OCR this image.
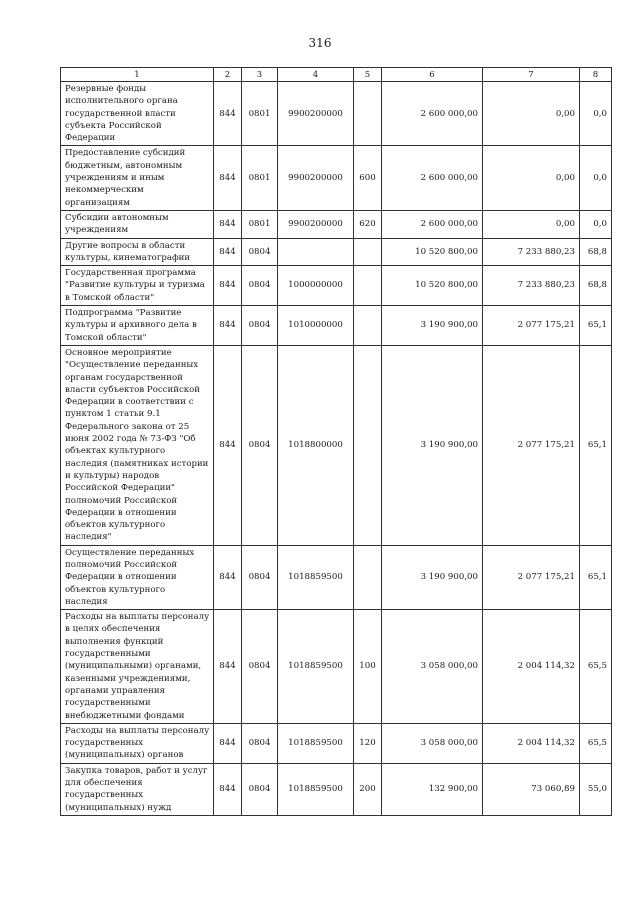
316
1	2	3	4	5	6	7	8
Резервные фонды исполнительного органа государственной власти субъекта Российской Федерации	844	0801	9900200000		2 600 000,00	0,00	0,0
Предоставление субсидий бюджетным, автономным учреждениям и иным некоммерческим организациям	844	0801	9900200000	600	2 600 000,00	0,00	0,0
Субсидии автономным учреждениям	844	0801	9900200000	620	2 600 000,00	0,00	0,0
Другие вопросы в области культуры, кинематографии	844	0804			10 520 800,00	7 233 880,23	68,8
Государственная программа "Развитие культуры и туризма в Томской области"	844	0804	1000000000		10 520 800,00	7 233 880,23	68,8
Подпрограмма "Развитие культуры и архивного дела в Томской области"	844	0804	1010000000		3 190 900,00	2 077 175,21	65,1
Основное мероприятие "Осуществление переданных органам государственной власти субъектов Российской Федерации в соответствии с пунктом 1 статьи 9.1 Федерального закона от 25 июня 2002 года № 73-ФЗ "Об объектах культурного наследия (памятниках истории и культуры) народов Российской Федерации" полномочий Российской Федерации в отношении объектов культурного наследия"	844	0804	1018800000		3 190 900,00	2 077 175,21	65,1
Осуществление переданных полномочий Российской Федерации в отношении объектов культурного наследия	844	0804	1018859500		3 190 900,00	2 077 175,21	65,1
Расходы на выплаты персоналу в целях обеспечения выполнения функций государственными (муниципальными) органами, казенными учреждениями, органами управления государственными внебюджетными фондами	844	0804	1018859500	100	3 058 000,00	2 004 114,32	65,5
Расходы на выплаты персоналу государственных (муниципальных) органов	844	0804	1018859500	120	3 058 000,00	2 004 114,32	65,5
Закупка товаров, работ и услуг для обеспечения государственных (муниципальных) нужд	844	0804	1018859500	200	132 900,00	73 060,89	55,0
